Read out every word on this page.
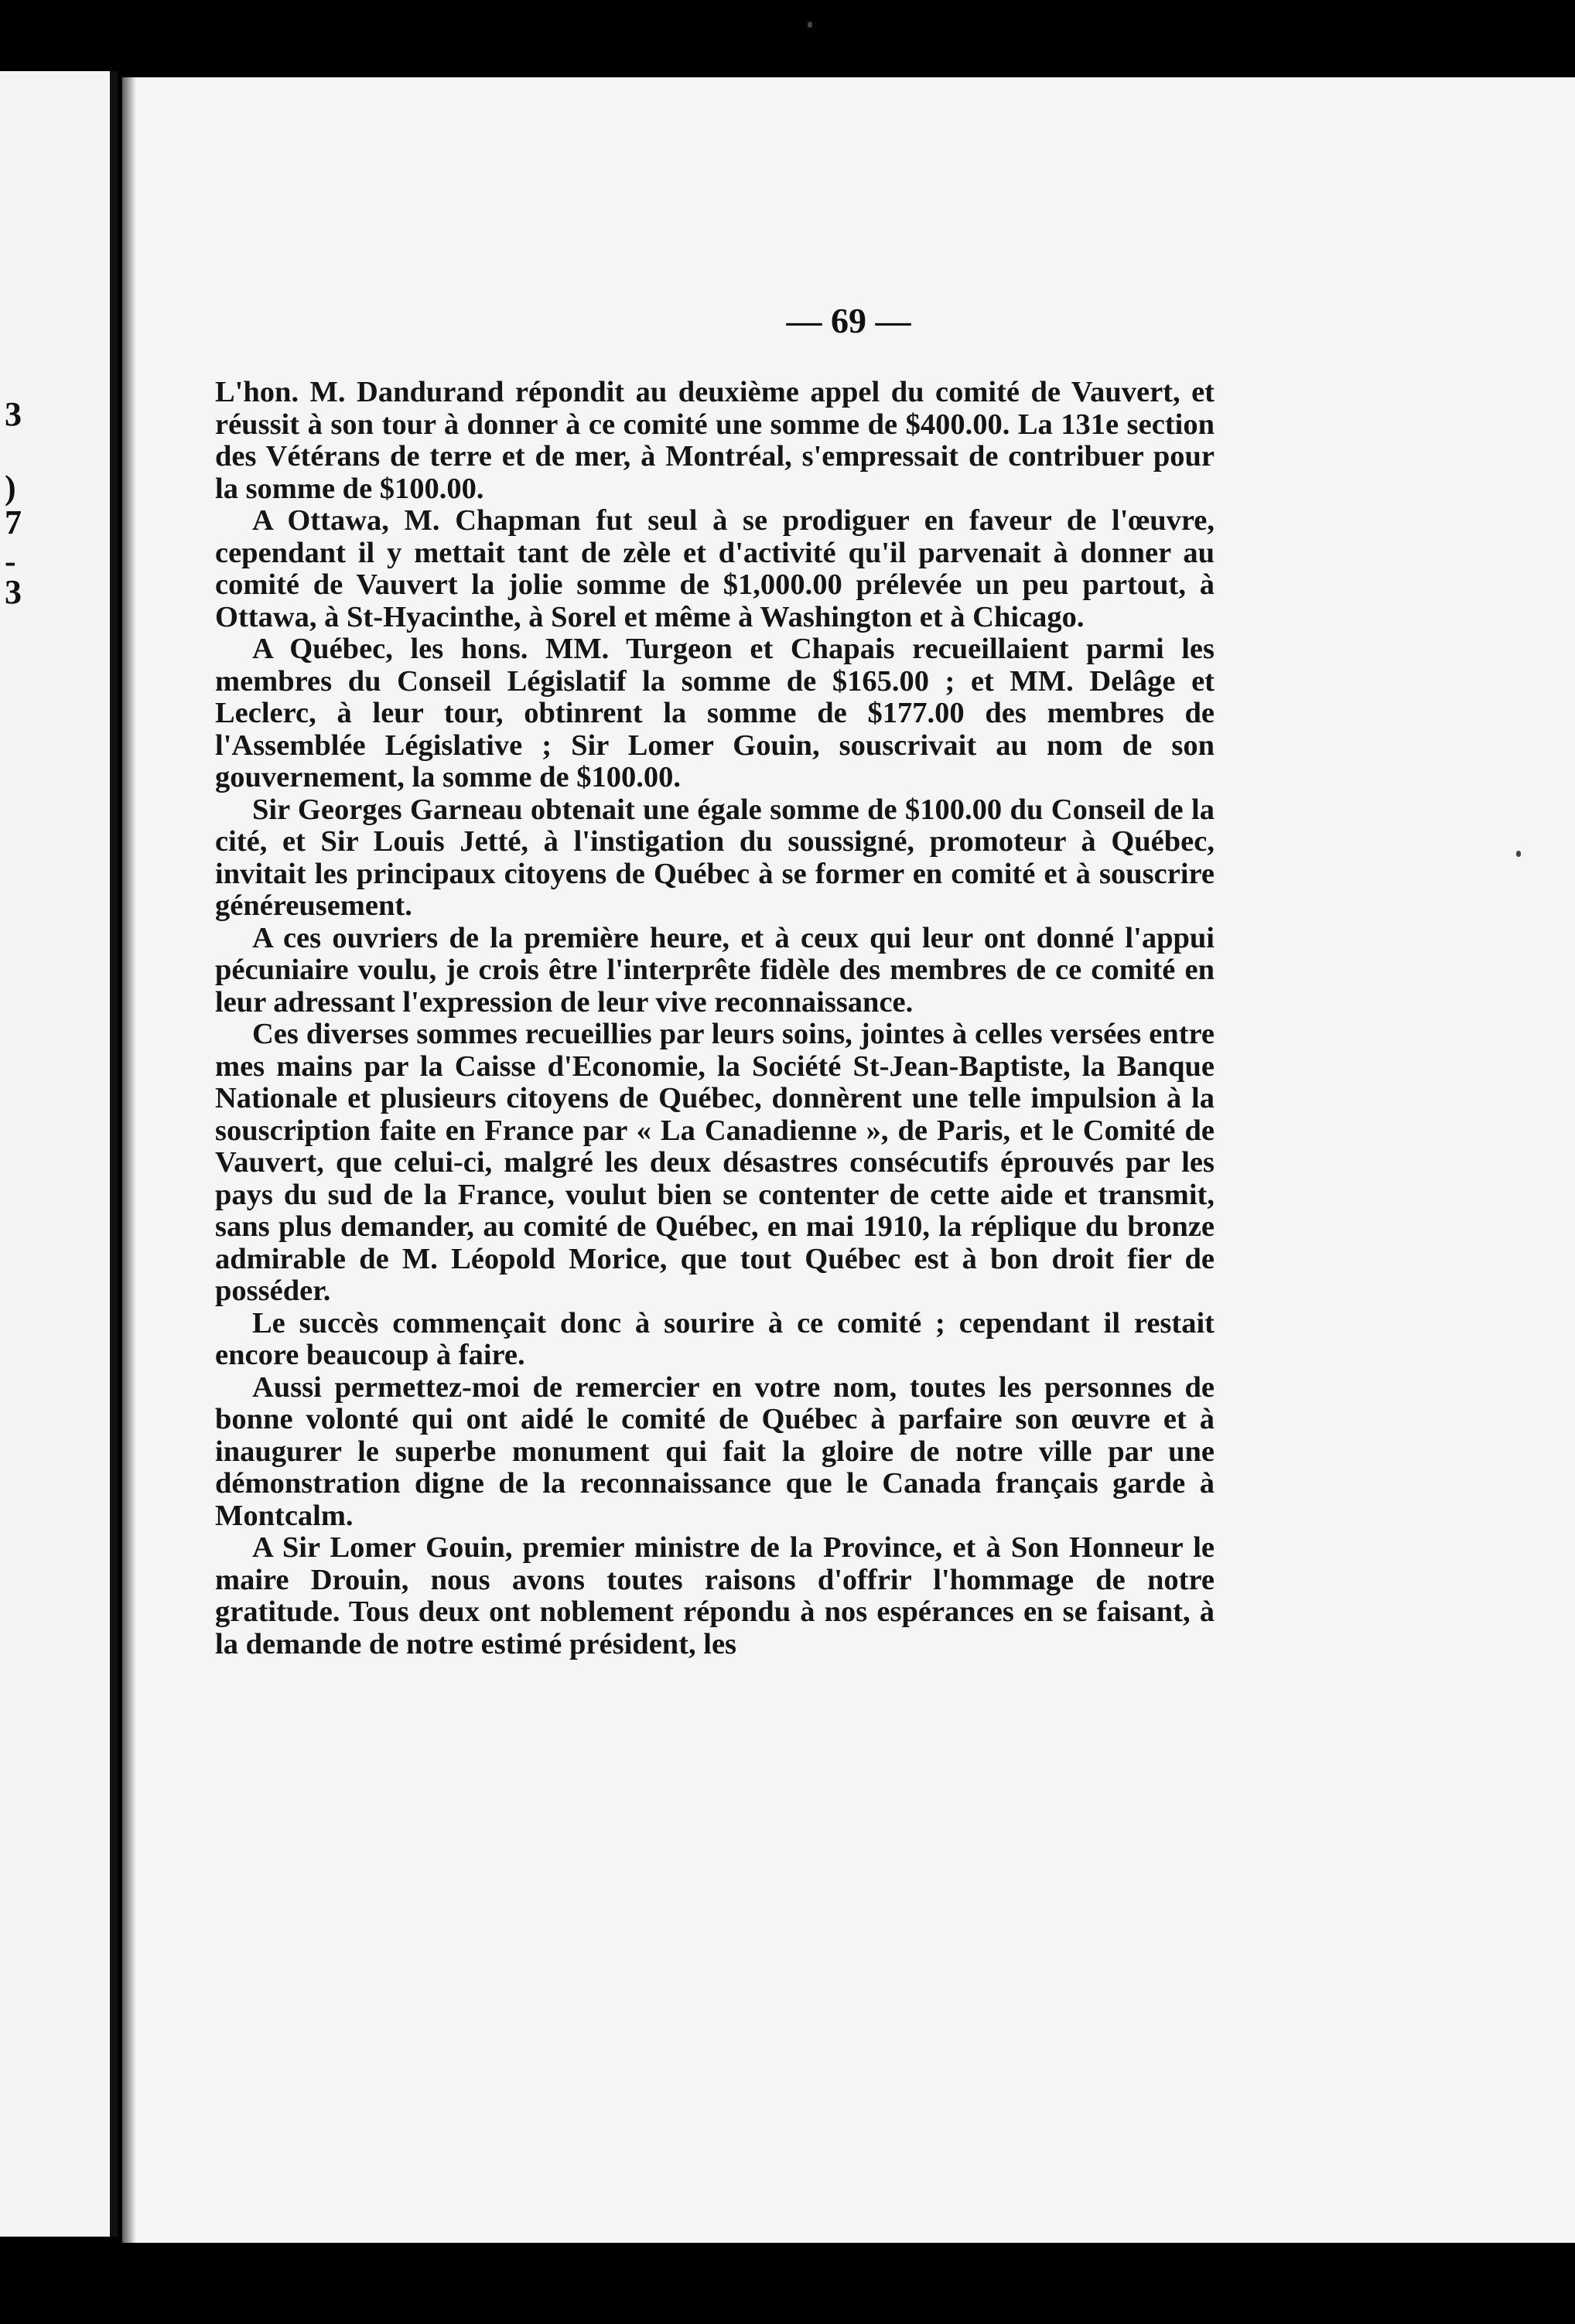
3
)
7
-
3
— 69 —

L'hon. M. Dandurand répondit au deuxième appel du comité de Vauvert, et réussit à son tour à donner à ce comité une somme de $400.00. La 131e section des Vétérans de terre et de mer, à Montréal, s'empressait de contribuer pour la somme de $100.00.

A Ottawa, M. Chapman fut seul à se prodiguer en faveur de l'œuvre, cependant il y mettait tant de zèle et d'activité qu'il parvenait à donner au comité de Vauvert la jolie somme de $1,000.00 prélevée un peu partout, à Ottawa, à St-Hyacinthe, à Sorel et même à Washington et à Chicago.

A Québec, les hons. MM. Turgeon et Chapais recueillaient parmi les membres du Conseil Législatif la somme de $165.00 ; et MM. Delâge et Leclerc, à leur tour, obtinrent la somme de $177.00 des membres de l'Assemblée Législative ; Sir Lomer Gouin, souscrivait au nom de son gouvernement, la somme de $100.00.

Sir Georges Garneau obtenait une égale somme de $100.00 du Conseil de la cité, et Sir Louis Jetté, à l'instigation du soussigné, promoteur à Québec, invitait les principaux citoyens de Québec à se former en comité et à souscrire généreusement.

A ces ouvriers de la première heure, et à ceux qui leur ont donné l'appui pécuniaire voulu, je crois être l'interprête fidèle des membres de ce comité en leur adressant l'expression de leur vive reconnaissance.

Ces diverses sommes recueillies par leurs soins, jointes à celles versées entre mes mains par la Caisse d'Economie, la Société St-Jean-Baptiste, la Banque Nationale et plusieurs citoyens de Québec, donnèrent une telle impulsion à la souscription faite en France par « La Canadienne », de Paris, et le Comité de Vauvert, que celui-ci, malgré les deux désastres consécutifs éprouvés par les pays du sud de la France, voulut bien se contenter de cette aide et transmit, sans plus demander, au comité de Québec, en mai 1910, la réplique du bronze admirable de M. Léopold Morice, que tout Québec est à bon droit fier de posséder.

Le succès commençait donc à sourire à ce comité ; cependant il restait encore beaucoup à faire.

Aussi permettez-moi de remercier en votre nom, toutes les personnes de bonne volonté qui ont aidé le comité de Québec à parfaire son œuvre et à inaugurer le superbe monument qui fait la gloire de notre ville par une démonstration digne de la reconnaissance que le Canada français garde à Montcalm.

A Sir Lomer Gouin, premier ministre de la Province, et à Son Honneur le maire Drouin, nous avons toutes raisons d'offrir l'hommage de notre gratitude. Tous deux ont noblement répondu à nos espérances en se faisant, à la demande de notre estimé président, les
